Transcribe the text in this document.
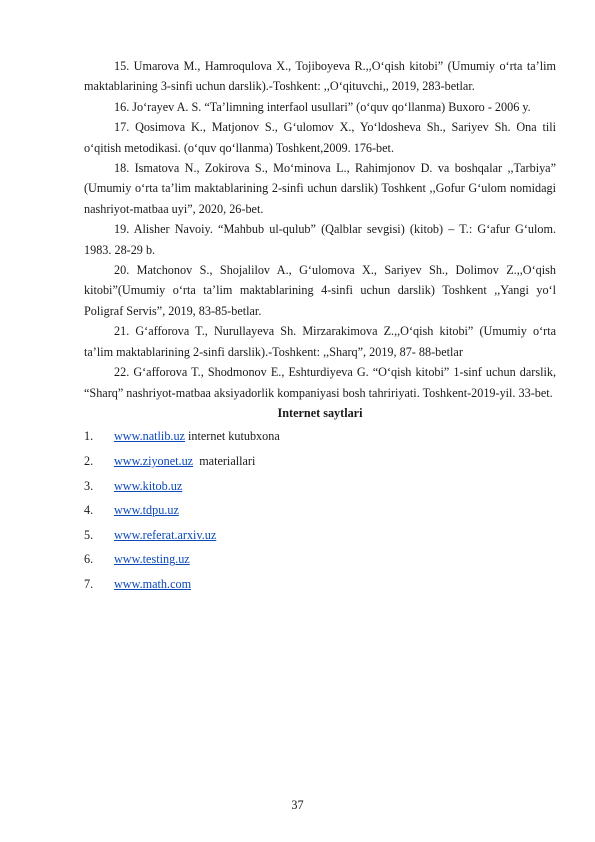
15. Umarova M., Hamroqulova X., Tojiboyeva R.,,O‘qish kitobi” (Umumiy o‘rta ta’lim maktablarining 3-sinfi uchun darslik).-Toshkent: ,,O‘qituvchi,, 2019, 283-betlar.

16. Jo‘rayev A. S. “Ta’limning interfaol usullari” (o‘quv qo‘llanma) Buxoro - 2006 y.

17. Qosimova K., Matjonov S., G‘ulomov X., Yo‘ldosheva Sh., Sariyev Sh. Ona tili o‘qitish metodikasi. (o‘quv qo‘llanma) Toshkent,2009. 176-bet.

18. Ismatova N., Zokirova S., Mo‘minova L., Rahimjonov D. va boshqalar ,,Tarbiya” (Umumiy o‘rta ta’lim maktablarining 2-sinfi uchun darslik) Toshkent ,,Gofur G‘ulom nomidagi nashriyot-matbaa uyi”, 2020, 26-bet.

19. Alisher Navoiy. “Mahbub ul-qulub” (Qalblar sevgisi) (kitob) – T.: G‘afur G‘ulom. 1983. 28-29 b.

20. Matchonov S., Shojalilov A., G‘ulomova X., Sariyev Sh., Dolimov Z.,,O‘qish kitobi”(Umumiy o‘rta ta’lim maktablarining 4-sinfi uchun darslik) Toshkent ,,Yangi yo‘l Poligraf Servis”, 2019, 83-85-betlar.

21. G‘afforova T., Nurullayeva Sh. Mirzarakimova Z.,,O‘qish kitobi” (Umumiy o‘rta ta’lim maktablarining 2-sinfi darslik).-Toshkent: ,,Sharq”, 2019, 87- 88-betlar

22. G‘afforova T., Shodmonov E., Eshturdiyeva G. “O‘qish kitobi” 1-sinf uchun darslik, “Sharq” nashriyot-matbaa aksiyadorlik kompaniyasi bosh tahririyati. Toshkent-2019-yil. 33-bet.

Internet saytlari

1.	www.natlib.uz internet kutubxona
2.	www.ziyonet.uz materiallari
3.	www.kitob.uz
4.	www.tdpu.uz
5.	www.referat.arxiv.uz
6.	www.testing.uz
7.	www.math.com
37
